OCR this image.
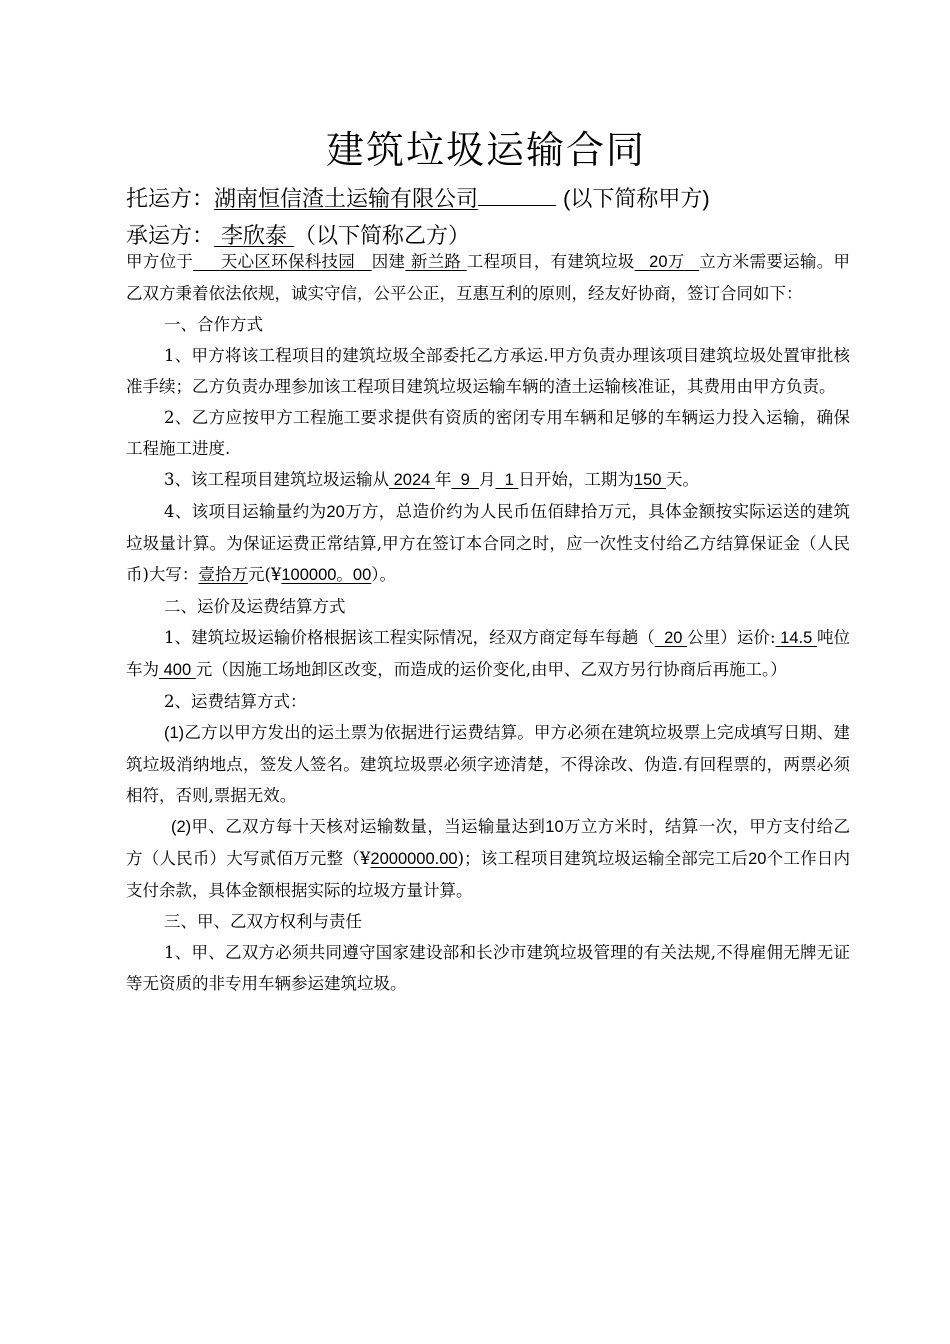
建筑垃圾运输合同
托运方：湖南恒信渣土运输有限公司	(以下简称甲方)
承运方： 李欣泰 （以下简称乙方）

甲方位于 天心区环保科技园 因建 新兰路 工程项目，有建筑垃圾 20万 立方米需要运输。甲乙双方秉着依法依规，诚实守信，公平公正，互惠互利的原则，经友好协商，签订合同如下：

一、合作方式

1、甲方将该工程项目的建筑垃圾全部委托乙方承运.甲方负责办理该项目建筑垃圾处置审批核准手续；乙方负责办理参加该工程项目建筑垃圾运输车辆的渣土运输核准证，其费用由甲方负责。

2、乙方应按甲方工程施工要求提供有资质的密闭专用车辆和足够的车辆运力投入运输，确保工程施工进度.

3、该工程项目建筑垃圾运输从 2024 年 9 月 1 日开始，工期为150 天。

4、该项目运输量约为20万方，总造价约为人民币伍佰肆拾万元，具体金额按实际运送的建筑垃圾量计算。为保证运费正常结算,甲方在签订本合同之时，应一次性支付给乙方结算保证金（人民币)大写：壹拾万元(¥100000。00）。

二、运价及运费结算方式

1、建筑垃圾运输价格根据该工程实际情况，经双方商定每车每趟（ 20 公里）运价: 14.5 吨位车为 400 元（因施工场地卸区改变，而造成的运价变化,由甲、乙双方另行协商后再施工。）

2、运费结算方式：

(1)乙方以甲方发出的运土票为依据进行运费结算。甲方必须在建筑垃圾票上完成填写日期、建筑垃圾消纳地点，签发人签名。建筑垃圾票必须字迹清楚，不得涂改、伪造.有回程票的，两票必须相符，否则,票据无效。

(2)甲、乙双方每十天核对运输数量，当运输量达到10万立方米时，结算一次，甲方支付给乙方（人民币）大写贰佰万元整（¥2000000.00)；该工程项目建筑垃圾运输全部完工后20个工作日内支付余款，具体金额根据实际的垃圾方量计算。

三、甲、乙双方权利与责任

1、甲、乙双方必须共同遵守国家建设部和长沙市建筑垃圾管理的有关法规,不得雇佣无牌无证等无资质的非专用车辆参运建筑垃圾。
